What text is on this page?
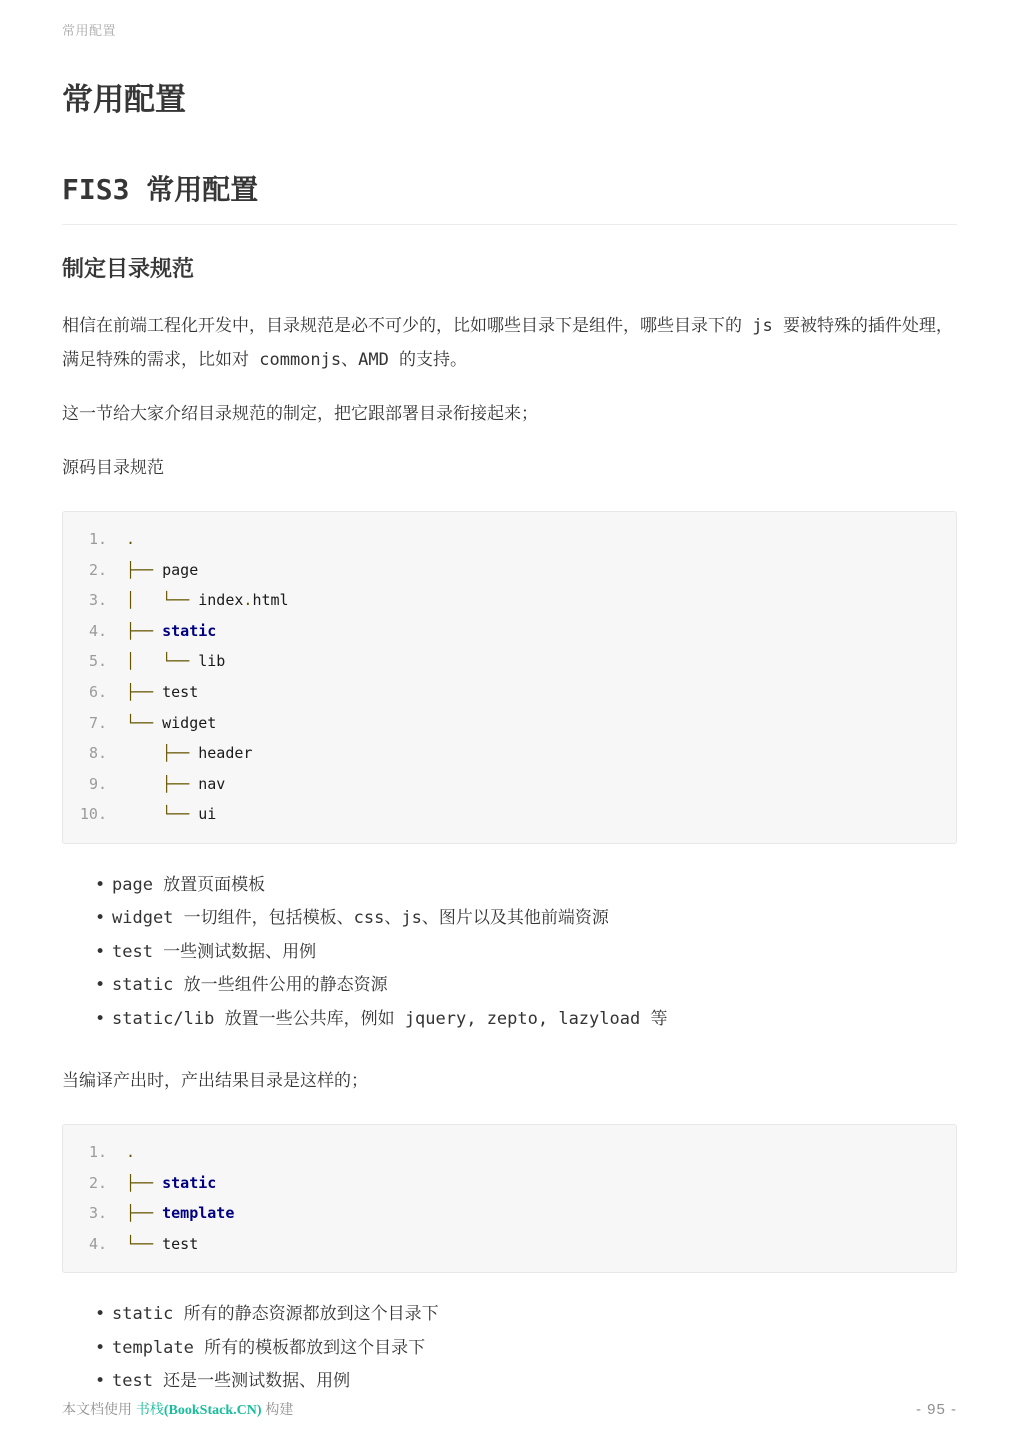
常用配置
常用配置
FIS3 常用配置
制定目录规范

相信在前端工程化开发中，目录规范是必不可少的，比如哪些目录下是组件，哪些目录下的 js 要被特殊的插件处理，满足特殊的需求，比如对 commonjs、AMD 的支持。

这一节给大家介绍目录规范的制定，把它跟部署目录衔接起来；

源码目录规范

1. .
2. ├── page
3. │ └── index.html
4. ├── static
5. │ └── lib
6. ├── test
7. └── widget
8.	├── header
9.	├── nav
10.	└── ui
• page 放置页面模板
• widget 一切组件，包括模板、css、js、图片以及其他前端资源
• test 一些测试数据、用例
• static 放一些组件公用的静态资源
• static/lib 放置一些公共库，例如 jquery, zepto, lazyload 等

当编译产出时，产出结果目录是这样的；

1. .
2. ├── static
3. ├── template
4. └── test
• static 所有的静态资源都放到这个目录下
• template 所有的模板都放到这个目录下
• test 还是一些测试数据、用例
本文档使用 书栈(BookStack.CN) 构建	- 95 -
